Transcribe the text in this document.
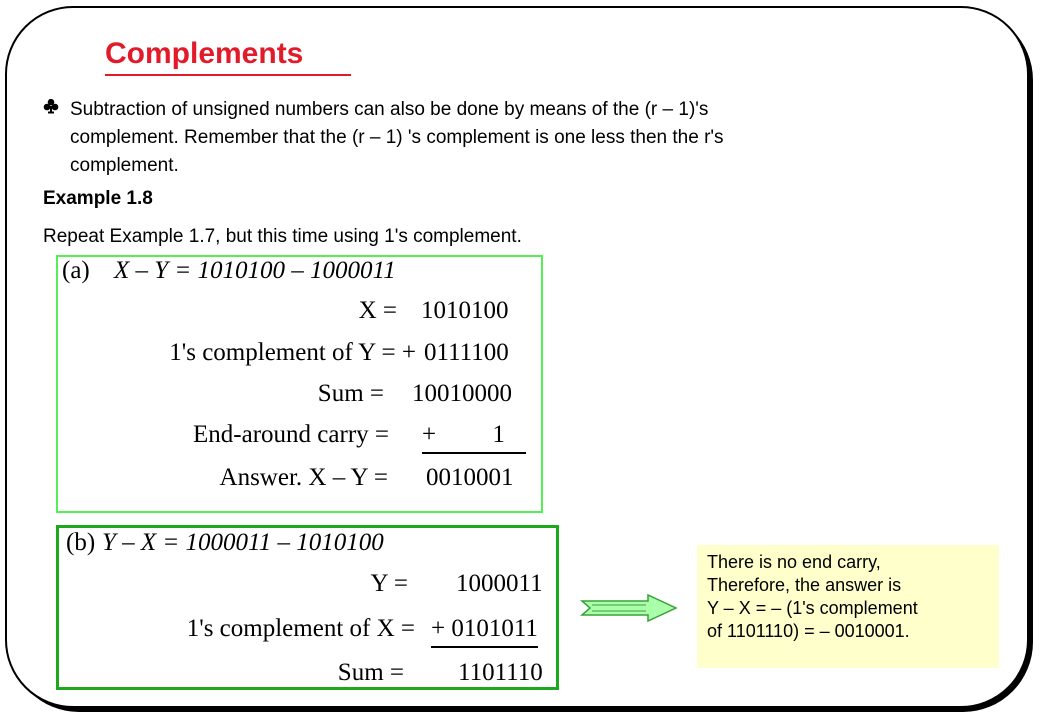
Complements
Subtraction of unsigned numbers can also be done by means of the (r – 1)'s
complement. Remember that the (r – 1) 's complement is one less then the r's
complement.
Example 1.8
Repeat Example 1.7, but this time using 1's complement.
(a) X – Y = 1010100 – 1000011
X = 1010100
1's complement of Y = + 0111100
Sum = 10010000
End-around carry = +         1
Answer. X – Y = 0010001
(b) Y – X = 1000011 – 1010100
Y = 1000011
1's complement of X = + 0101011
Sum = 1101110
There is no end carry,
Therefore, the answer is
Y – X = – (1's complement
of 1101110) = – 0010001.
